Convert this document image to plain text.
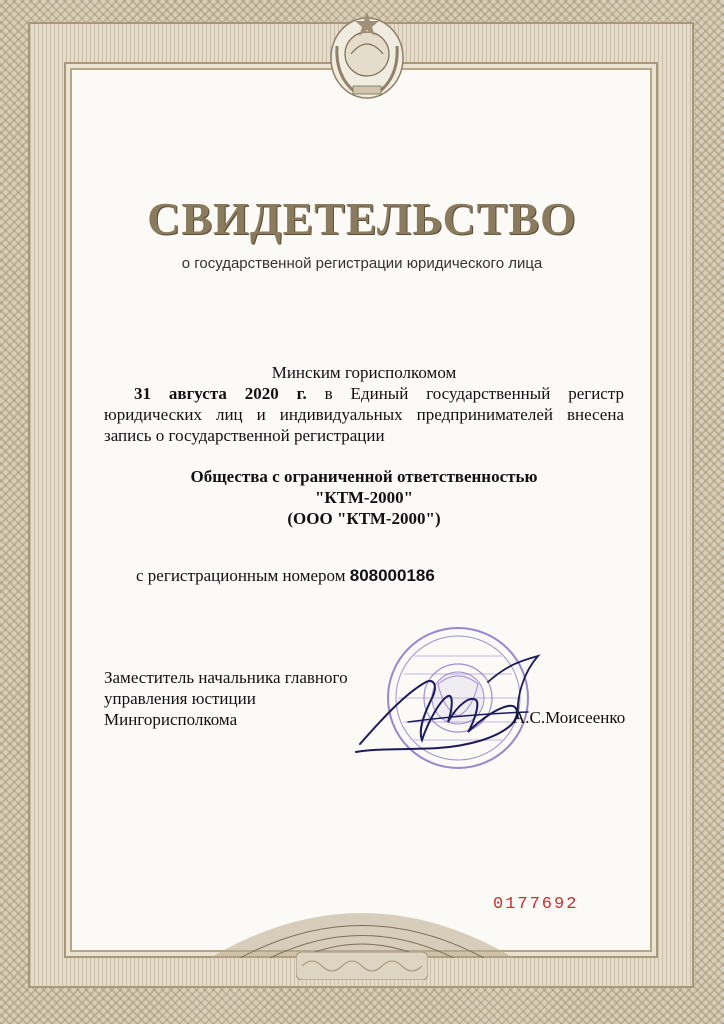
СВИДЕТЕЛЬСТВО
о государственной регистрации юридического лица
Минским горисполкомом
31 августа 2020 г. в Единый государственный регистр юридических лиц и индивидуальных предпринимателей внесена запись о государственной регистрации
Общества с ограниченной ответственностью
"КТМ-2000"
(ООО "КТМ-2000")
с регистрационным номером 808000186
Заместитель начальника главного
управления юстиции
Мингорисполкома	А.С.Моисеенко
0177692
